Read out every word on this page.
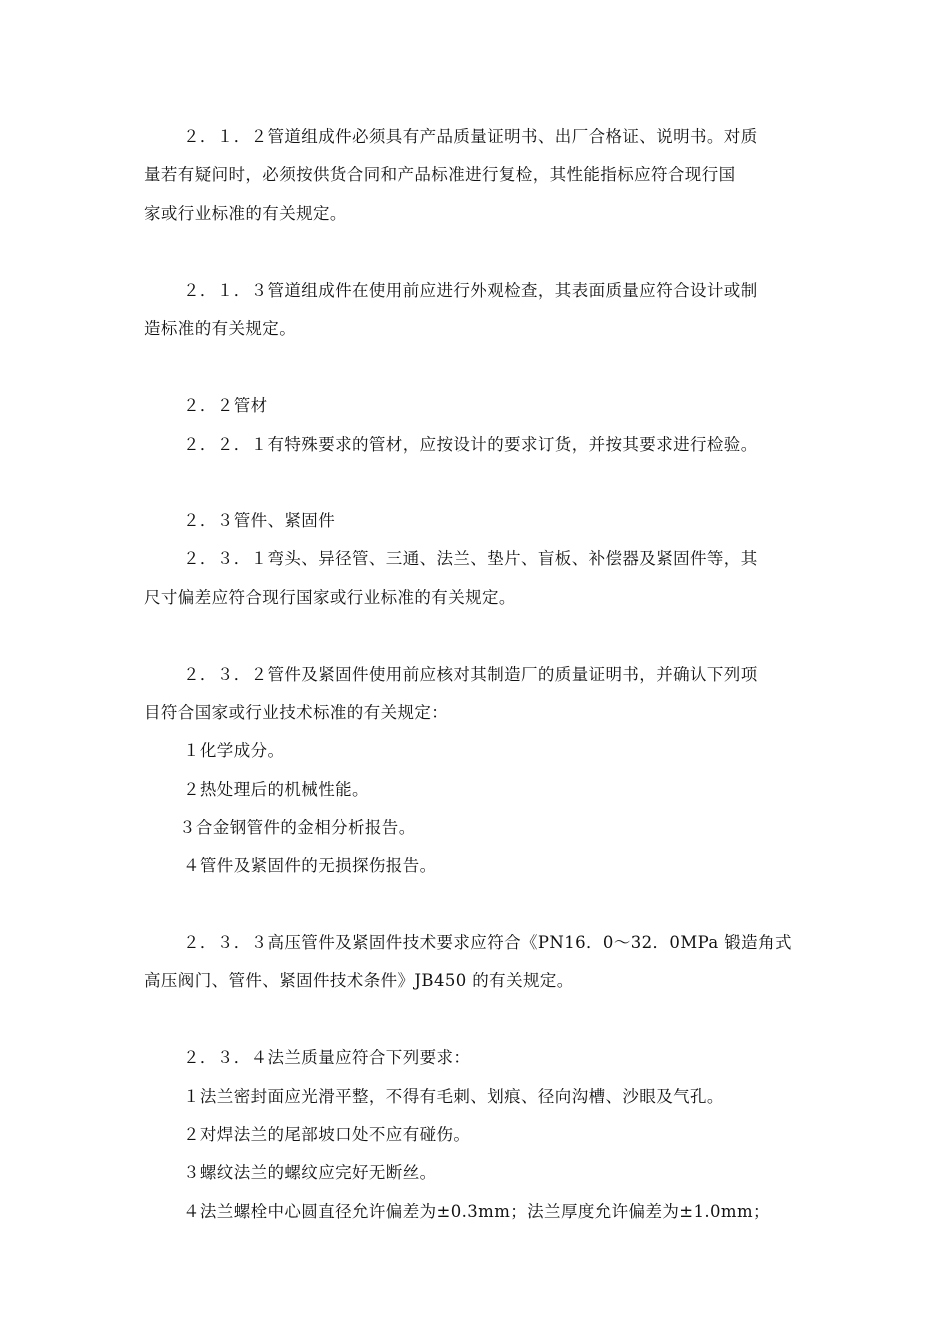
２．１．２管道组成件必须具有产品质量证明书、出厂合格证、说明书。对质
量若有疑问时，必须按供货合同和产品标准进行复检，其性能指标应符合现行国
家或行业标准的有关规定。
２．１．３管道组成件在使用前应进行外观检查，其表面质量应符合设计或制
造标准的有关规定。
２．２管材
２．２．１有特殊要求的管材，应按设计的要求订货，并按其要求进行检验。
２．３管件、紧固件
２．３．１弯头、异径管、三通、法兰、垫片、盲板、补偿器及紧固件等，其
尺寸偏差应符合现行国家或行业标准的有关规定。
２．３．２管件及紧固件使用前应核对其制造厂的质量证明书，并确认下列项
目符合国家或行业技术标准的有关规定：
１化学成分。
２热处理后的机械性能。
３合金钢管件的金相分析报告。
４管件及紧固件的无损探伤报告。
２．３．３高压管件及紧固件技术要求应符合《PN16．0～32．0MPa 锻造角式
高压阀门、管件、紧固件技术条件》JB450 的有关规定。
２．３．４法兰质量应符合下列要求：
１法兰密封面应光滑平整，不得有毛刺、划痕、径向沟槽、沙眼及气孔。
２对焊法兰的尾部坡口处不应有碰伤。
３螺纹法兰的螺纹应完好无断丝。
４法兰螺栓中心圆直径允许偏差为±0.3mm；法兰厚度允许偏差为±1.0mm；
